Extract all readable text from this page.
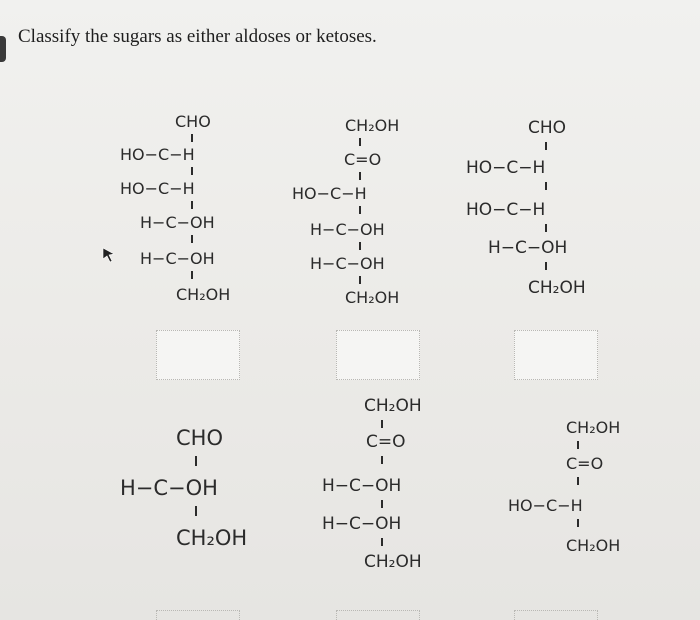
Classify the sugars as either aldoses or ketoses.
CHO
HO−C−H
HO−C−H
H−C−OH
H−C−OH
CH₂OH
CH₂OH
C=O
HO−C−H
H−C−OH
H−C−OH
CH₂OH
CHO
HO−C−H
HO−C−H
H−C−OH
CH₂OH
CHO
H−C−OH
CH₂OH
CH₂OH
C=O
H−C−OH
H−C−OH
CH₂OH
CH₂OH
C=O
HO−C−H
CH₂OH
